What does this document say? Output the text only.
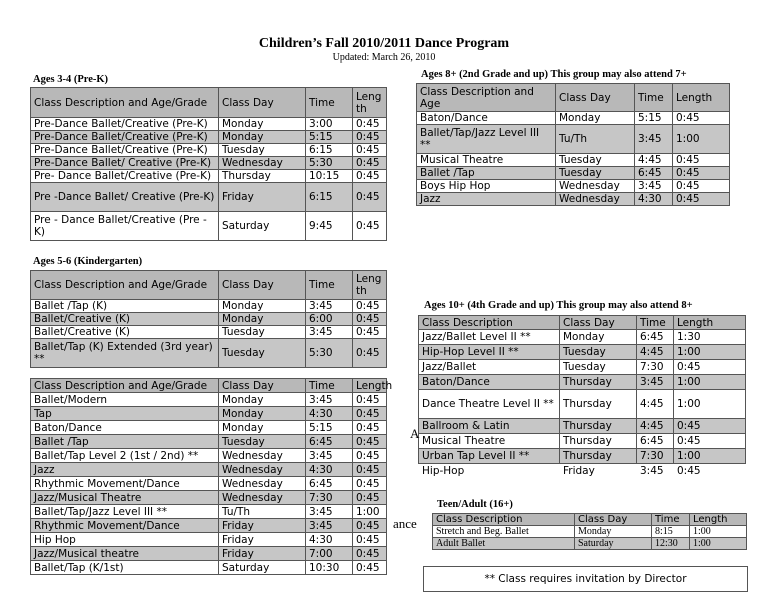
Children’s Fall 2010/2011 Dance Program
Updated: March 26, 2010
Ages 3-4 (Pre-K)
Class Description and Age/Grade	Class Day	Time	Length
Pre-Dance Ballet/Creative (Pre-K)	Monday	3:00	0:45
Pre-Dance Ballet/Creative (Pre-K)	Monday	5:15	0:45
Pre-Dance Ballet/Creative (Pre-K)	Tuesday	6:15	0:45
Pre-Dance Ballet/ Creative (Pre-K)	Wednesday	5:30	0:45
Pre- Dance Ballet/Creative (Pre-K)	Thursday	10:15	0:45
Pre -Dance Ballet/ Creative (Pre-K)	Friday	6:15	0:45
Pre - Dance Ballet/Creative (Pre -K)	Saturday	9:45	0:45
Ages 5-6 (Kindergarten)
Class Description and Age/Grade	Class Day	Time	Length
Ballet /Tap (K)	Monday	3:45	0:45
Ballet/Creative (K)	Monday	6:00	0:45
Ballet/Creative (K)	Tuesday	3:45	0:45
Ballet/Tap (K) Extended (3rd year) **	Tuesday	5:30	0:45
Class Description and Age/Grade	Class Day	Time	Length
Ballet/Modern	Monday	3:45	0:45
Tap	Monday	4:30	0:45
Baton/Dance	Monday	5:15	0:45
Ballet /Tap	Tuesday	6:45	0:45
Ballet/Tap Level 2 (1st / 2nd) **	Wednesday	3:45	0:45
Jazz	Wednesday	4:30	0:45
Rhythmic Movement/Dance	Wednesday	6:45	0:45
Jazz/Musical Theatre	Wednesday	7:30	0:45
Ballet/Tap/Jazz Level III **	Tu/Th	3:45	1:00
Rhythmic Movement/Dance	Friday	3:45	0:45
Hip Hop	Friday	4:30	0:45
Jazz/Musical theatre	Friday	7:00	0:45
Ballet/Tap (K/1st)	Saturday	10:30	0:45
Ages 8+ (2nd Grade and up) This group may also attend 7+
Class Description and Age	Class Day	Time	Length
Baton/Dance	Monday	5:15	0:45
Ballet/Tap/Jazz Level III **	Tu/Th	3:45	1:00
Musical Theatre	Tuesday	4:45	0:45
Ballet /Tap	Tuesday	6:45	0:45
Boys Hip Hop	Wednesday	3:45	0:45
Jazz	Wednesday	4:30	0:45
Ages 10+ (4th Grade and up) This group may also attend 8+
Class Description	Class Day	Time	Length
Jazz/Ballet Level II **	Monday	6:45	1:30
Hip-Hop Level II **	Tuesday	4:45	1:00
Jazz/Ballet	Tuesday	7:30	0:45
Baton/Dance	Thursday	3:45	1:00
Dance Theatre Level II **	Thursday	4:45	1:00
Ballroom & Latin	Thursday	4:45	0:45
Musical Theatre	Thursday	6:45	0:45
Urban Tap Level II **	Thursday	7:30	1:00
Hip-Hop	Friday	3:45	0:45
A
ance
Teen/Adult (16+)
Class Description	Class Day	Time	Length
Stretch and Beg. Ballet	Monday	8:15	1:00
Adult Ballet	Saturday	12:30	1:00
** Class requires invitation by Director
